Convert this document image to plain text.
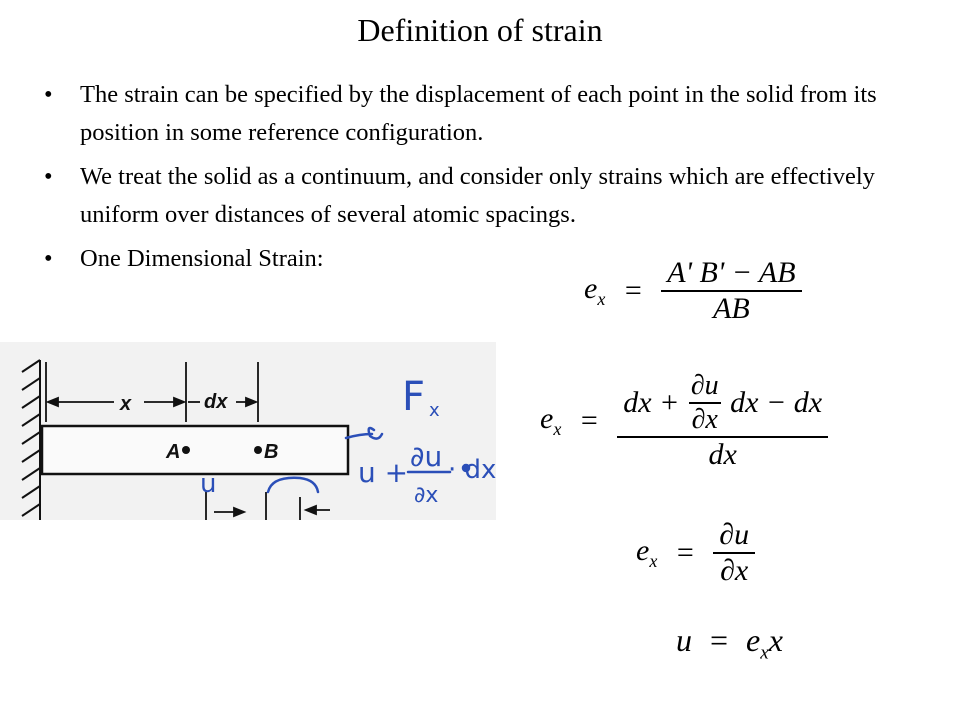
Definition of strain
• The strain can be specified by the displacement of each point in the solid from its position in some reference configuration.
• We treat the solid as a continuum, and consider only strains which are effectively uniform over distances of several atomic spacings.
• One Dimensional Strain:
$e_x = \frac{A' B' - AB}{AB}$
$e_x = \frac{dx + \frac{\partial u}{\partial x} dx - dx}{dx}$
$e_x = \frac{\partial u}{\partial x}$
$u = e_xx$
x	dx
A	B
Fx
u	u + ∂u
∂x
· dx
